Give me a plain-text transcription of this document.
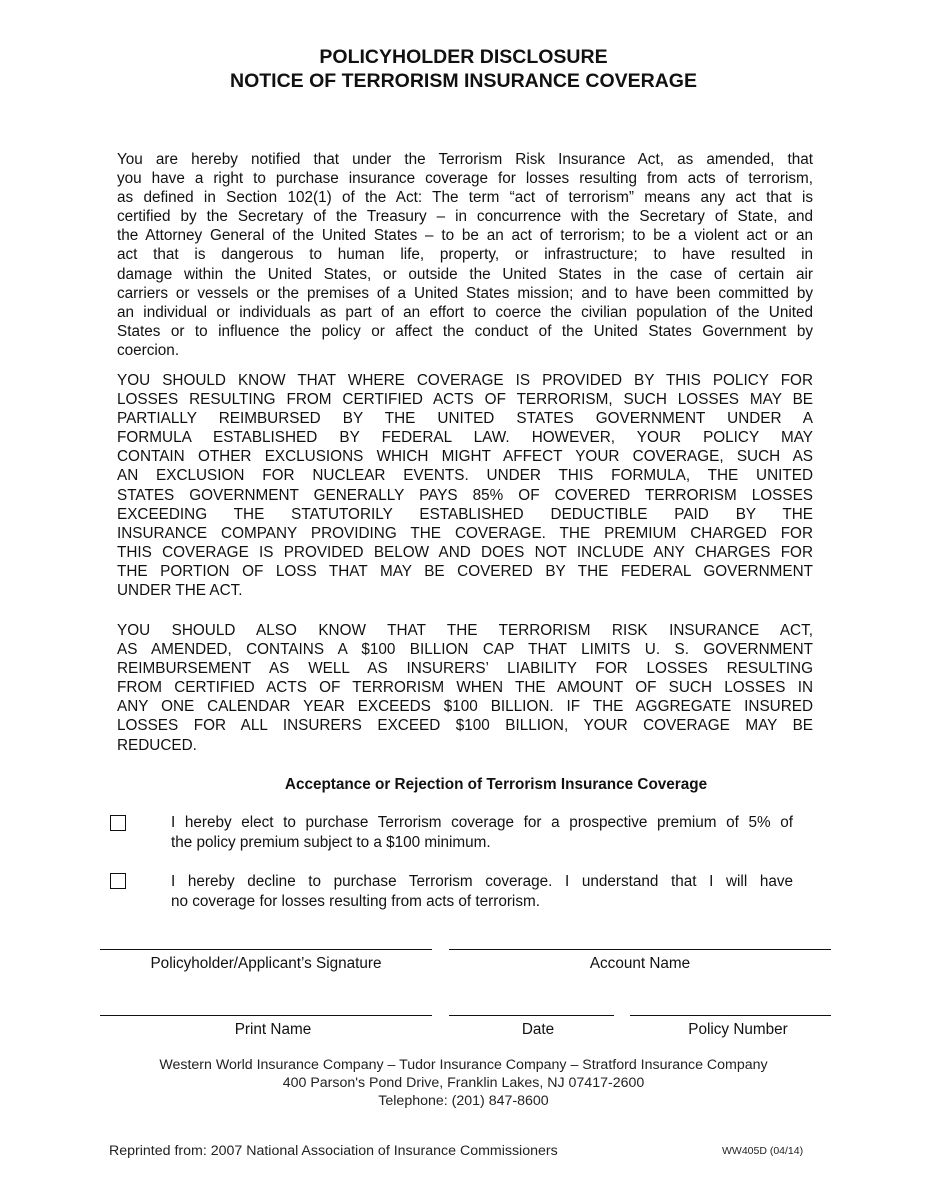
POLICYHOLDER DISCLOSURE
NOTICE OF TERRORISM INSURANCE COVERAGE
You are hereby notified that under the Terrorism Risk Insurance Act, as amended, that
you have a right to purchase insurance coverage for losses resulting from acts of terrorism,
as defined in Section 102(1) of the Act: The term “act of terrorism” means any act that is
certified by the Secretary of the Treasury – in concurrence with the Secretary of State, and
the Attorney General of the United States – to be an act of terrorism; to be a violent act or an
act that is dangerous to human life, property, or infrastructure; to have resulted in
damage within the United States, or outside the United States in the case of certain air
carriers or vessels or the premises of a United States mission; and to have been committed by
an individual or individuals as part of an effort to coerce the civilian population of the United
States or to influence the policy or affect the conduct of the United States Government by
coercion.
YOU SHOULD KNOW THAT WHERE COVERAGE IS PROVIDED BY THIS POLICY FOR
LOSSES RESULTING FROM CERTIFIED ACTS OF TERRORISM, SUCH LOSSES MAY BE
PARTIALLY REIMBURSED BY THE UNITED STATES GOVERNMENT UNDER A
FORMULA ESTABLISHED BY FEDERAL LAW. HOWEVER, YOUR POLICY MAY
CONTAIN OTHER EXCLUSIONS WHICH MIGHT AFFECT YOUR COVERAGE, SUCH AS
AN EXCLUSION FOR NUCLEAR EVENTS. UNDER THIS FORMULA, THE UNITED
STATES GOVERNMENT GENERALLY PAYS 85% OF COVERED TERRORISM LOSSES
EXCEEDING THE STATUTORILY ESTABLISHED DEDUCTIBLE PAID BY THE
INSURANCE COMPANY PROVIDING THE COVERAGE. THE PREMIUM CHARGED FOR
THIS COVERAGE IS PROVIDED BELOW AND DOES NOT INCLUDE ANY CHARGES FOR
THE PORTION OF LOSS THAT MAY BE COVERED BY THE FEDERAL GOVERNMENT
UNDER THE ACT.
YOU SHOULD ALSO KNOW THAT THE TERRORISM RISK INSURANCE ACT,
AS AMENDED, CONTAINS A $100 BILLION CAP THAT LIMITS U. S. GOVERNMENT
REIMBURSEMENT AS WELL AS INSURERS’ LIABILITY FOR LOSSES RESULTING
FROM CERTIFIED ACTS OF TERRORISM WHEN THE AMOUNT OF SUCH LOSSES IN
ANY ONE CALENDAR YEAR EXCEEDS $100 BILLION. IF THE AGGREGATE INSURED
LOSSES FOR ALL INSURERS EXCEED $100 BILLION, YOUR COVERAGE MAY BE
REDUCED.
Acceptance or Rejection of Terrorism Insurance Coverage
I hereby elect to purchase Terrorism coverage for a prospective premium of 5% of
the policy premium subject to a $100 minimum.
I hereby decline to purchase Terrorism coverage. I understand that I will have
no coverage for losses resulting from acts of terrorism.
Policyholder/Applicant’s Signature	Account Name
Print Name	Date	Policy Number
Western World Insurance Company – Tudor Insurance Company – Stratford Insurance Company
400 Parson's Pond Drive, Franklin Lakes, NJ 07417-2600
Telephone: (201) 847-8600
Reprinted from: 2007 National Association of Insurance Commissioners	WW405D (04/14)
